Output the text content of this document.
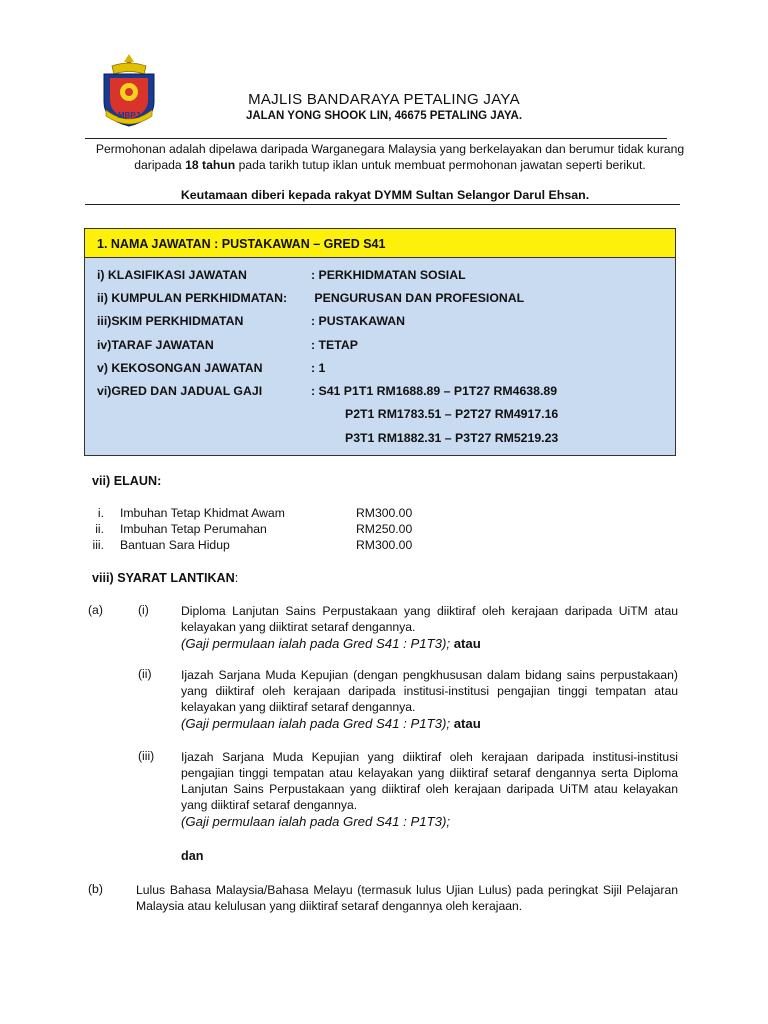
MBPJ
MAJLIS BANDARAYA PETALING JAYA
JALAN YONG SHOOK LIN, 46675 PETALING JAYA.
Permohonan adalah dipelawa daripada Warganegara Malaysia yang berkelayakan dan berumur tidak kurang daripada 18 tahun pada tarikh tutup iklan untuk membuat permohonan jawatan seperti berikut.
Keutamaan diberi kepada rakyat DYMM Sultan Selangor Darul Ehsan.
1. NAMA JAWATAN : PUSTAKAWAN – GRED S41
i) KLASIFIKASI JAWATAN	: PERKHIDMATAN SOSIAL
ii) KUMPULAN PERKHIDMATAN: PENGURUSAN DAN PROFESIONAL
iii)SKIM PERKHIDMATAN	: PUSTAKAWAN
iv)TARAF JAWATAN	: TETAP
v) KEKOSONGAN JAWATAN	: 1
vi)GRED DAN JADUAL GAJI	: S41 P1T1 RM1688.89 – P1T27 RM4638.89
P2T1 RM1783.51 – P2T27 RM4917.16
P3T1 RM1882.31 – P3T27 RM5219.23
vii) ELAUN:
i. Imbuhan Tetap Khidmat Awam	RM300.00
ii. Imbuhan Tetap Perumahan	RM250.00
iii. Bantuan Sara Hidup	RM300.00
viii) SYARAT LANTIKAN:
(a)	(i)	Diploma Lanjutan Sains Perpustakaan yang diiktiraf oleh kerajaan daripada UiTM atau kelayakan yang diiktirat setaraf dengannya.
(Gaji permulaan ialah pada Gred S41 : P1T3); atau
(ii) Ijazah Sarjana Muda Kepujian (dengan pengkhususan dalam bidang sains perpustakaan) yang diiktiraf oleh kerajaan daripada institusi-institusi pengajian tinggi tempatan atau kelayakan yang diiktiraf setaraf dengannya.
(Gaji permulaan ialah pada Gred S41 : P1T3); atau
(iii) Ijazah Sarjana Muda Kepujian yang diiktiraf oleh kerajaan daripada institusi-institusi pengajian tinggi tempatan atau kelayakan yang diiktiraf setaraf dengannya serta Diploma Lanjutan Sains Perpustakaan yang diiktiraf oleh kerajaan daripada UiTM atau kelayakan yang diiktiraf setaraf dengannya.
(Gaji permulaan ialah pada Gred S41 : P1T3);
dan
(b)	Lulus Bahasa Malaysia/Bahasa Melayu (termasuk lulus Ujian Lulus) pada peringkat Sijil Pelajaran Malaysia atau kelulusan yang diiktiraf setaraf dengannya oleh kerajaan.
